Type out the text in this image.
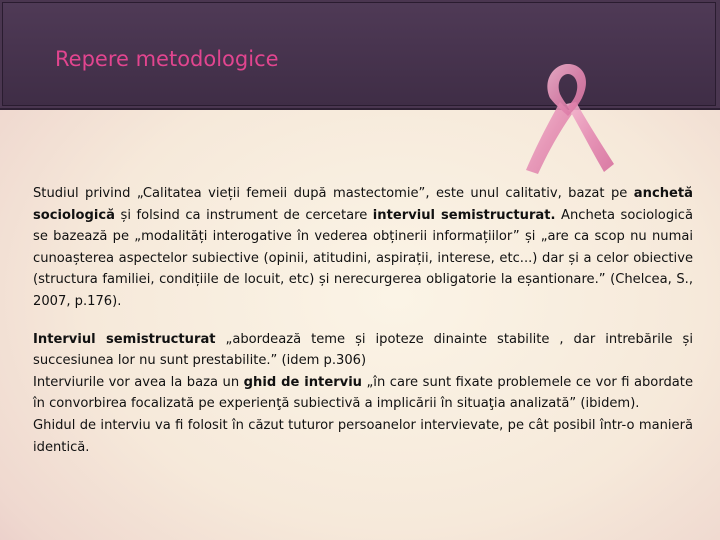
Repere metodologice

Studiul privind „Calitatea vieții femeii după mastectomie”, este unul calitativ, bazat pe anchetă sociologică și folsind ca instrument de cercetare interviul semistructurat. Ancheta sociologică se bazează pe „modalități interogative în vederea obținerii informațiilor” și „are ca scop nu numai cunoașterea aspectelor subiective (opinii, atitudini, aspirații, interese, etc...) dar și a celor obiective (structura familiei, condițiile de locuit, etc) și nerecurgerea obligatorie la eșantionare.” (Chelcea, S., 2007, p.176).

Interviul semistructurat „abordează teme și ipoteze dinainte stabilite , dar intrebările și succesiunea lor nu sunt prestabilite.” (idem p.306)

Interviurile vor avea la baza un ghid de interviu „în care sunt fixate problemele ce vor fi abordate în convorbirea focalizată pe experienţă subiectivă a implicării în situaţia analizată” (ibidem).

Ghidul de interviu va fi folosit în căzut tuturor persoanelor intervievate, pe cât posibil într-o manieră identică.
